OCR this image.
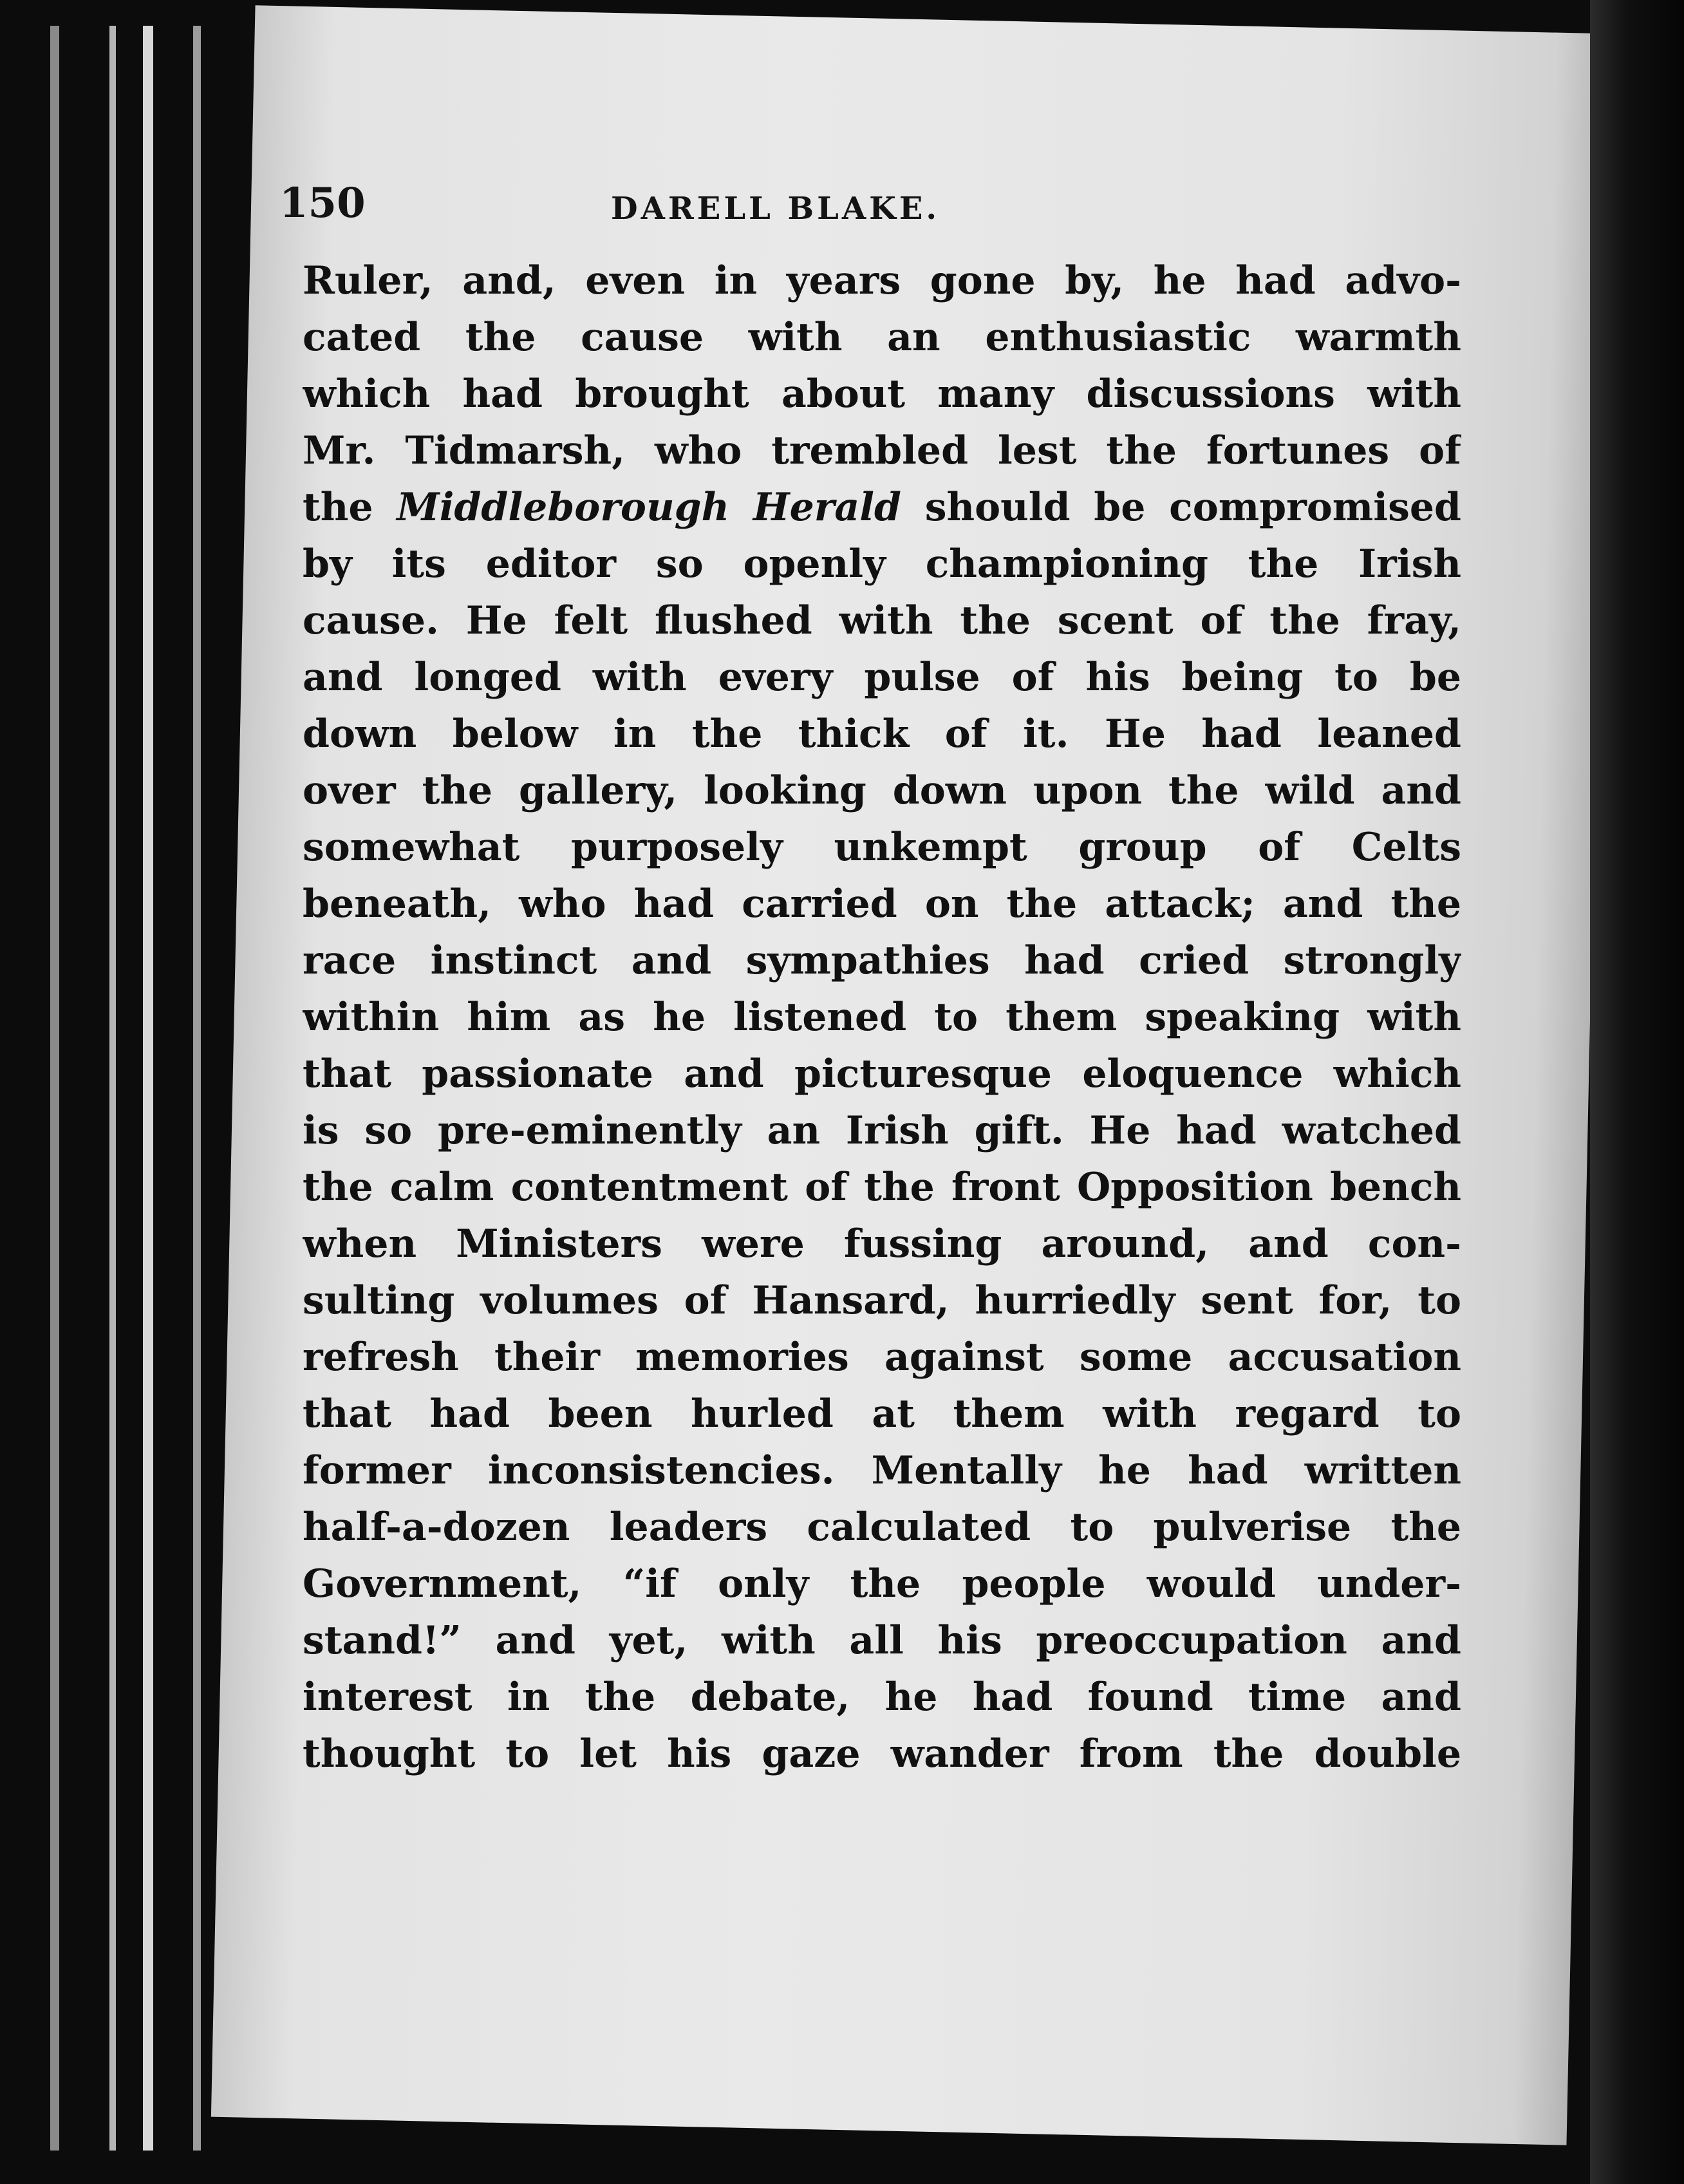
150	DARELL BLAKE.
Ruler, and, even in years gone by, he had advo-
cated the cause with an enthusiastic warmth
which had brought about many discussions with
Mr. Tidmarsh, who trembled lest the fortunes of
the Middleborough Herald should be compromised
by its editor so openly championing the Irish
cause. He felt flushed with the scent of the fray,
and longed with every pulse of his being to be
down below in the thick of it. He had leaned
over the gallery, looking down upon the wild and
somewhat purposely unkempt group of Celts
beneath, who had carried on the attack; and the
race instinct and sympathies had cried strongly
within him as he listened to them speaking with
that passionate and picturesque eloquence which
is so pre-eminently an Irish gift. He had watched
the calm contentment of the front Opposition bench
when Ministers were fussing around, and con-
sulting volumes of Hansard, hurriedly sent for, to
refresh their memories against some accusation
that had been hurled at them with regard to
former inconsistencies. Mentally he had written
half-a-dozen leaders calculated to pulverise the
Government, “if only the people would under-
stand!” and yet, with all his preoccupation and
interest in the debate, he had found time and
thought to let his gaze wander from the double
